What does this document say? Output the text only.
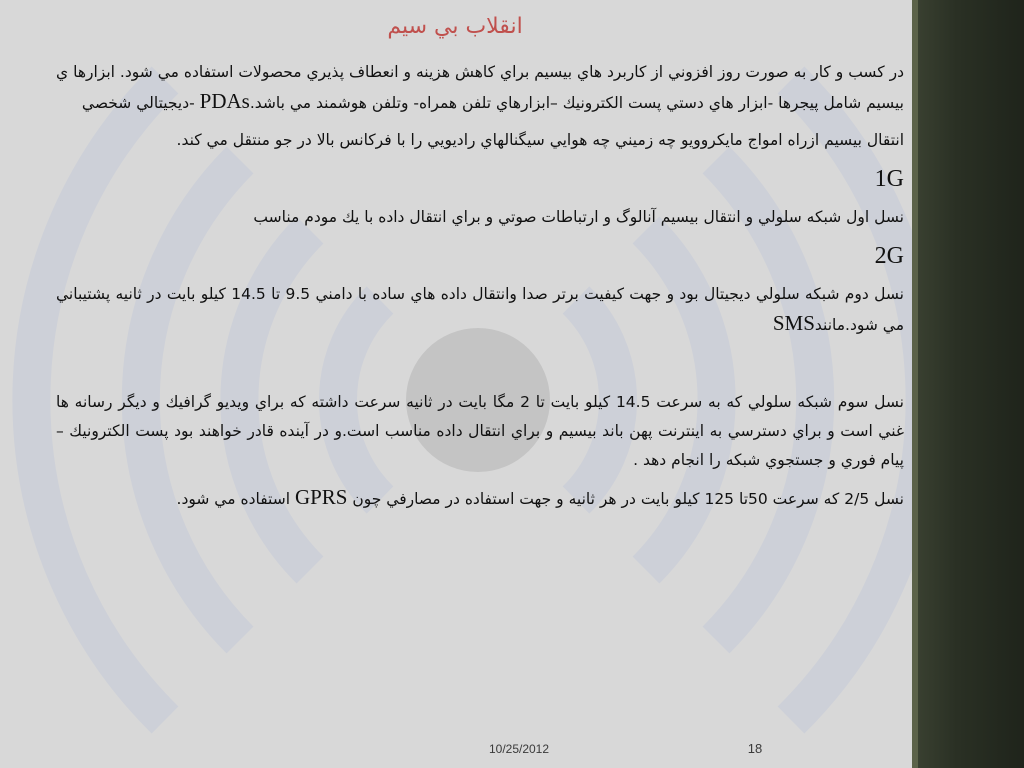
انقلاب بي سيم

در كسب و كار به صورت روز افزوني از كاربرد هاي بيسيم براي كاهش هزينه و انعطاف پذيري محصولات استفاده مي شود. ابزارها ي بيسيم شامل پيجرها -ابزار هاي دستي پست الكترونيك –ابزارهاي تلفن همراه- وتلفن هوشمند مي باشد.PDAs -ديجيتالي شخصي

انتقال بيسيم ازراه امواج مايكروويو چه زميني چه هوايي سيگنالهاي راديويي را با فركانس بالا در جو منتقل مي كند.

1G

نسل اول شبكه سلولي و انتقال بيسيم آنالوگ و ارتباطات صوتي و براي انتقال داده با يك مودم مناسب

2G

نسل دوم شبكه سلولي ديجيتال بود و جهت كيفيت برتر صدا وانتقال داده هاي ساده با دامني 9.5 تا 14.5 كيلو بايت در ثانيه پشتيباني مي شود.مانندSMS

نسل سوم شبكه سلولي كه به سرعت 14.5 كيلو بايت تا 2 مگا بايت در ثانيه سرعت داشته كه براي ويديو گرافيك و ديگر رسانه ها غني است و براي دسترسي به اينترنت پهن باند بيسيم و براي انتقال داده مناسب است.و در آينده قادر خواهند بود پست الكترونيك –پيام فوري و جستجوي شبكه را انجام دهد .

نسل 2/5 كه سرعت 50تا 125 كيلو بايت در هر ثانيه و جهت استفاده در مصارفي چون GPRS استفاده مي شود.

10/25/2012	18
